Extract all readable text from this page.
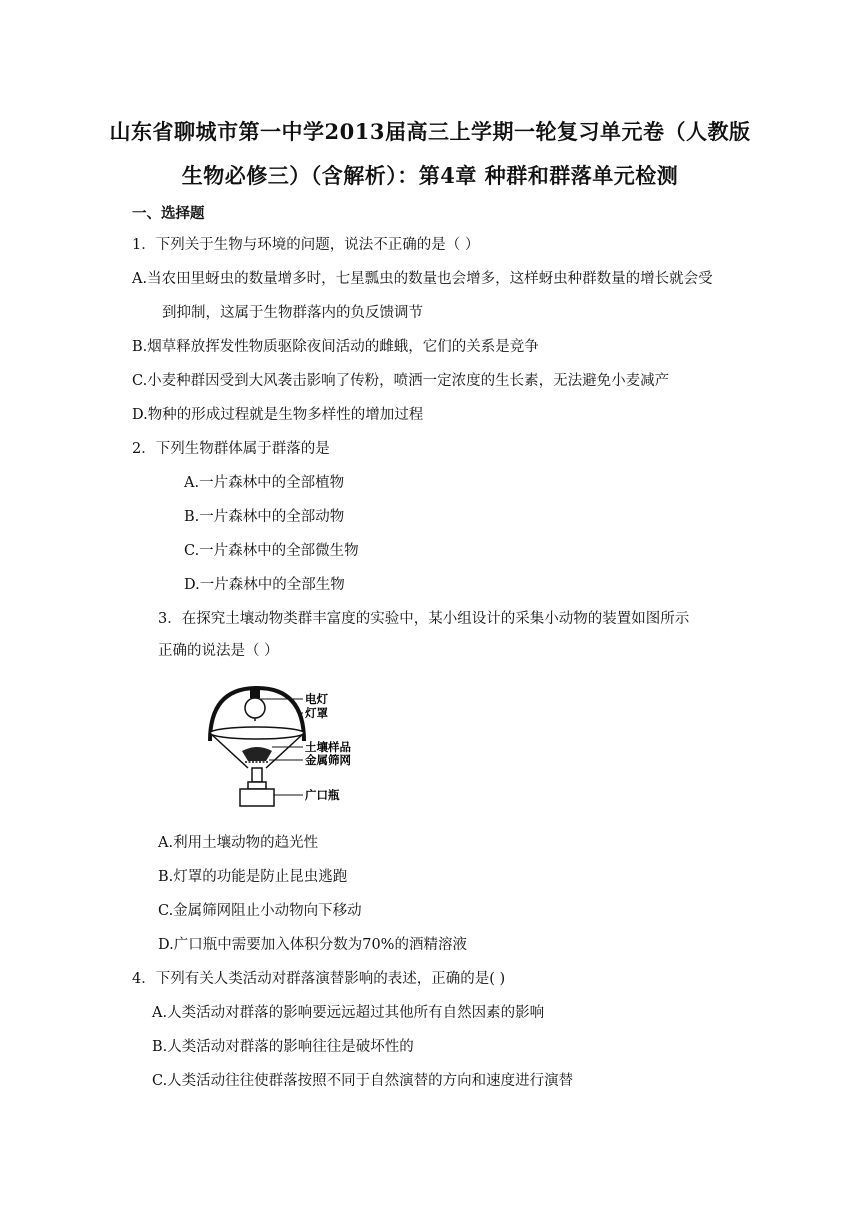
山东省聊城市第一中学2013届高三上学期一轮复习单元卷（人教版
生物必修三）（含解析）：第4章 种群和群落单元检测
一、选择题
1．下列关于生物与环境的问题，说法不正确的是（ ）
A.当农田里蚜虫的数量增多时，七星瓢虫的数量也会增多，这样蚜虫种群数量的增长就会受
到抑制，这属于生物群落内的负反馈调节
B.烟草释放挥发性物质驱除夜间活动的雌蛾，它们的关系是竞争
C.小麦种群因受到大风袭击影响了传粉，喷洒一定浓度的生长素，无法避免小麦减产
D.物种的形成过程就是生物多样性的增加过程
2．下列生物群体属于群落的是
A.一片森林中的全部植物
B.一片森林中的全部动物
C.一片森林中的全部微生物
D.一片森林中的全部生物
3．在探究土壤动物类群丰富度的实验中，某小组设计的采集小动物的装置如图所示
正确的说法是（ ）
电灯
灯罩
土壤样品
金属筛网
广口瓶
A.利用土壤动物的趋光性
B.灯罩的功能是防止昆虫逃跑
C.金属筛网阻止小动物向下移动
D.广口瓶中需要加入体积分数为70%的酒精溶液
4．下列有关人类活动对群落演替影响的表述，正确的是( )
A.人类活动对群落的影响要远远超过其他所有自然因素的影响
B.人类活动对群落的影响往往是破坏性的
C.人类活动往往使群落按照不同于自然演替的方向和速度进行演替
